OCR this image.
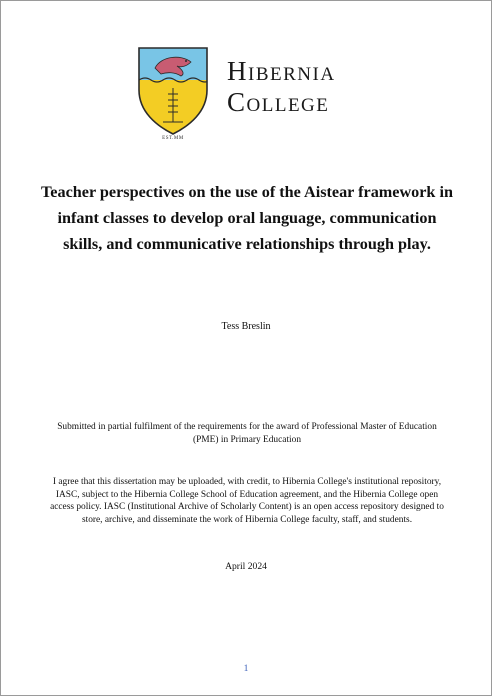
EST.MM
Hibernia
College
Teacher perspectives on the use of the Aistear framework in infant classes to develop oral language, communication skills, and communicative relationships through play.
Tess Breslin
Submitted in partial fulfilment of the requirements for the award of Professional Master of Education (PME) in Primary Education
I agree that this dissertation may be uploaded, with credit, to Hibernia College's institutional repository, IASC, subject to the Hibernia College School of Education agreement, and the Hibernia College open access policy. IASC (Institutional Archive of Scholarly Content) is an open access repository designed to store, archive, and disseminate the work of Hibernia College faculty, staff, and students.
April 2024
1
